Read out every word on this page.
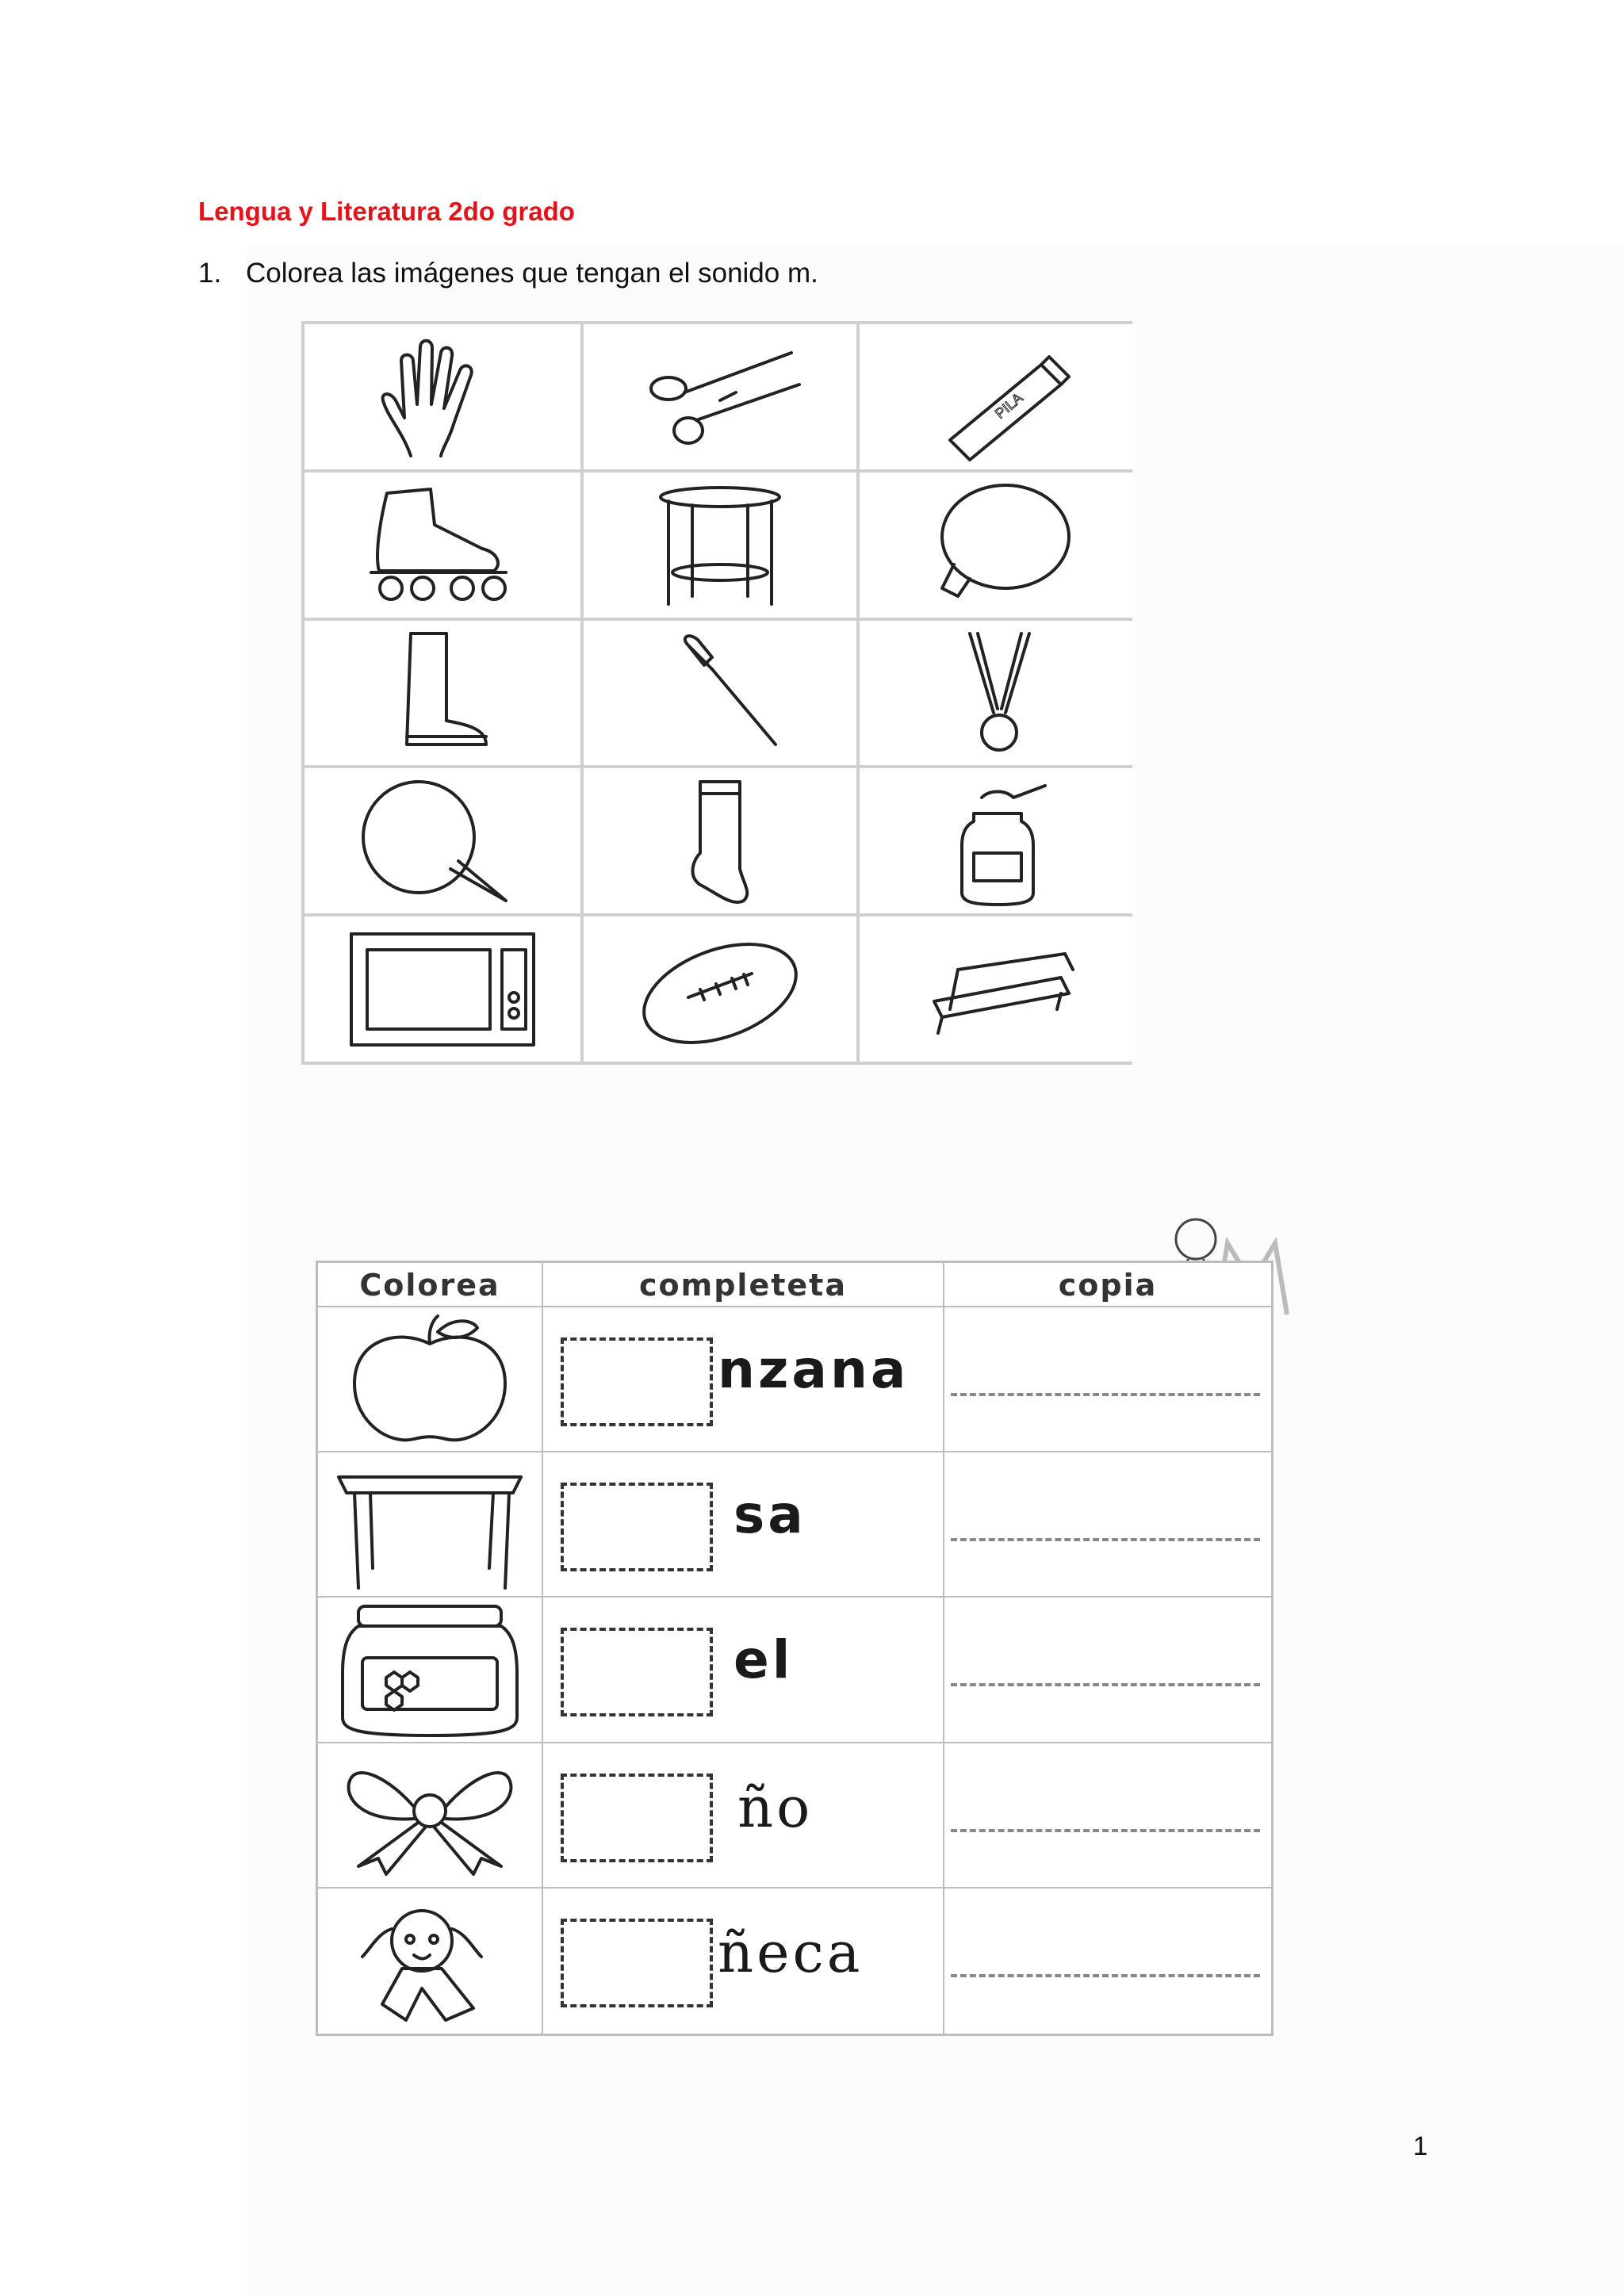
Lengua y Literatura 2do grado
1. Colorea las imágenes que tengan el sonido m.
PILA
Colorea	completeta	copia
nzana
sa
el
ño
ñeca
1
